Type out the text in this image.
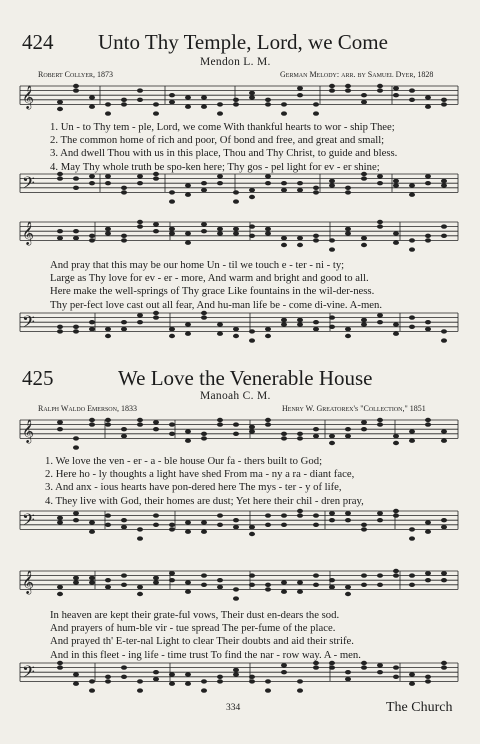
424 Unto Thy Temple, Lord, we Come
Mendon L. M.
Robert Collyer, 1873	German Melody: arr. by Samuel Dyer, 1828
𝄞
𝄢
𝄞
𝄢
𝄞
𝄢
𝄞
𝄢
1. Un - to Thy tem - ple, Lord, we come With thankful hearts to wor - ship Thee;
2. The common home of rich and poor, Of bond and free, and great and small;
3. And dwell Thou with us in this place, Thou and Thy Christ, to guide and bless.
4. May Thy whole truth be spo-ken here; Thy gos - pel light for ev - er shine;
And pray that this may be our home Un - til we touch e - ter - ni - ty;
Large as Thy love for ev - er - more, And warm and bright and good to all.
Here make the well-springs of Thy grace Like fountains in the wil-der-ness.
Thy per-fect love cast out all fear, And hu-man life be - come di-vine. A-men.
425	We Love the Venerable House
Manoah C. M.
Ralph Waldo Emerson, 1833	Henry W. Greatorex's "Collection," 1851
1. We love the ven - er - a - ble house Our fa - thers built to God;
2. Here ho - ly thoughts a light have shed From ma - ny a ra - diant face,
3. And anx - ious hearts have pon-dered here The mys - ter - y of life,
4. They live with God, their homes are dust; Yet here their chil - dren pray,
In heaven are kept their grate-ful vows, Their dust en-dears the sod.
And prayers of hum-ble vir - tue spread The per-fume of the place.
And prayed th' E-ter-nal Light to clear Their doubts and aid their strife.
And in this fleet - ing life - time trust To find the nar - row way. A - men.
334	The Church
